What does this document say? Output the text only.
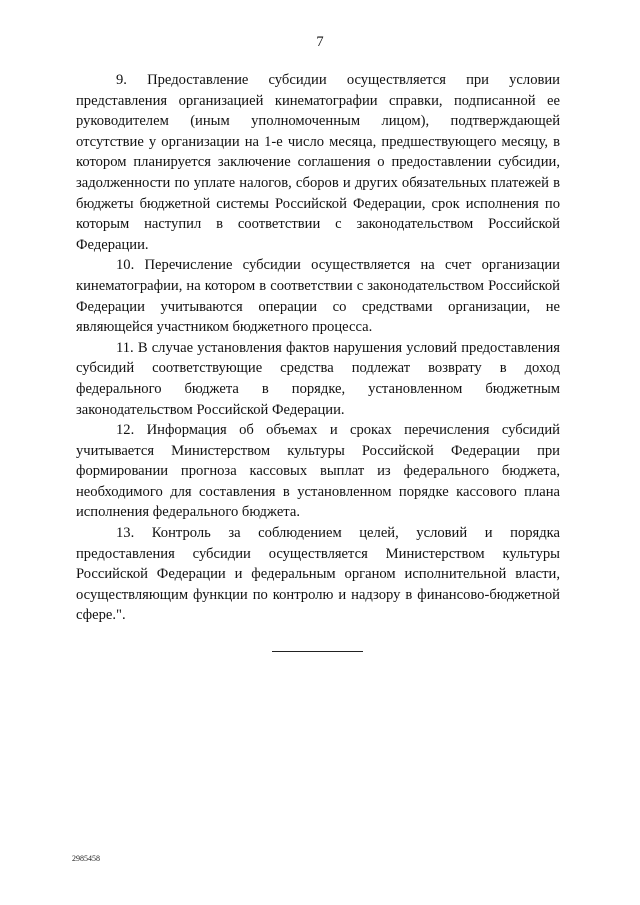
7

9. Предоставление субсидии осуществляется при условии представления организацией кинематографии справки, подписанной ее руководителем (иным уполномоченным лицом), подтверждающей отсутствие у организации на 1-е число месяца, предшествующего месяцу, в котором планируется заключение соглашения о предоставлении субсидии, задолженности по уплате налогов, сборов и других обязательных платежей в бюджеты бюджетной системы Российской Федерации, срок исполнения по которым наступил в соответствии с законодательством Российской Федерации.

10. Перечисление субсидии осуществляется на счет организации кинематографии, на котором в соответствии с законодательством Российской Федерации учитываются операции со средствами организации, не являющейся участником бюджетного процесса.

11. В случае установления фактов нарушения условий предоставления субсидий соответствующие средства подлежат возврату в доход федерального бюджета в порядке, установленном бюджетным законодательством Российской Федерации.

12. Информация об объемах и сроках перечисления субсидий учитывается Министерством культуры Российской Федерации при формировании прогноза кассовых выплат из федерального бюджета, необходимого для составления в установленном порядке кассового плана исполнения федерального бюджета.

13. Контроль за соблюдением целей, условий и порядка предоставления субсидии осуществляется Министерством культуры Российской Федерации и федеральным органом исполнительной власти, осуществляющим функции по контролю и надзору в финансово-бюджетной сфере.".

2985458
